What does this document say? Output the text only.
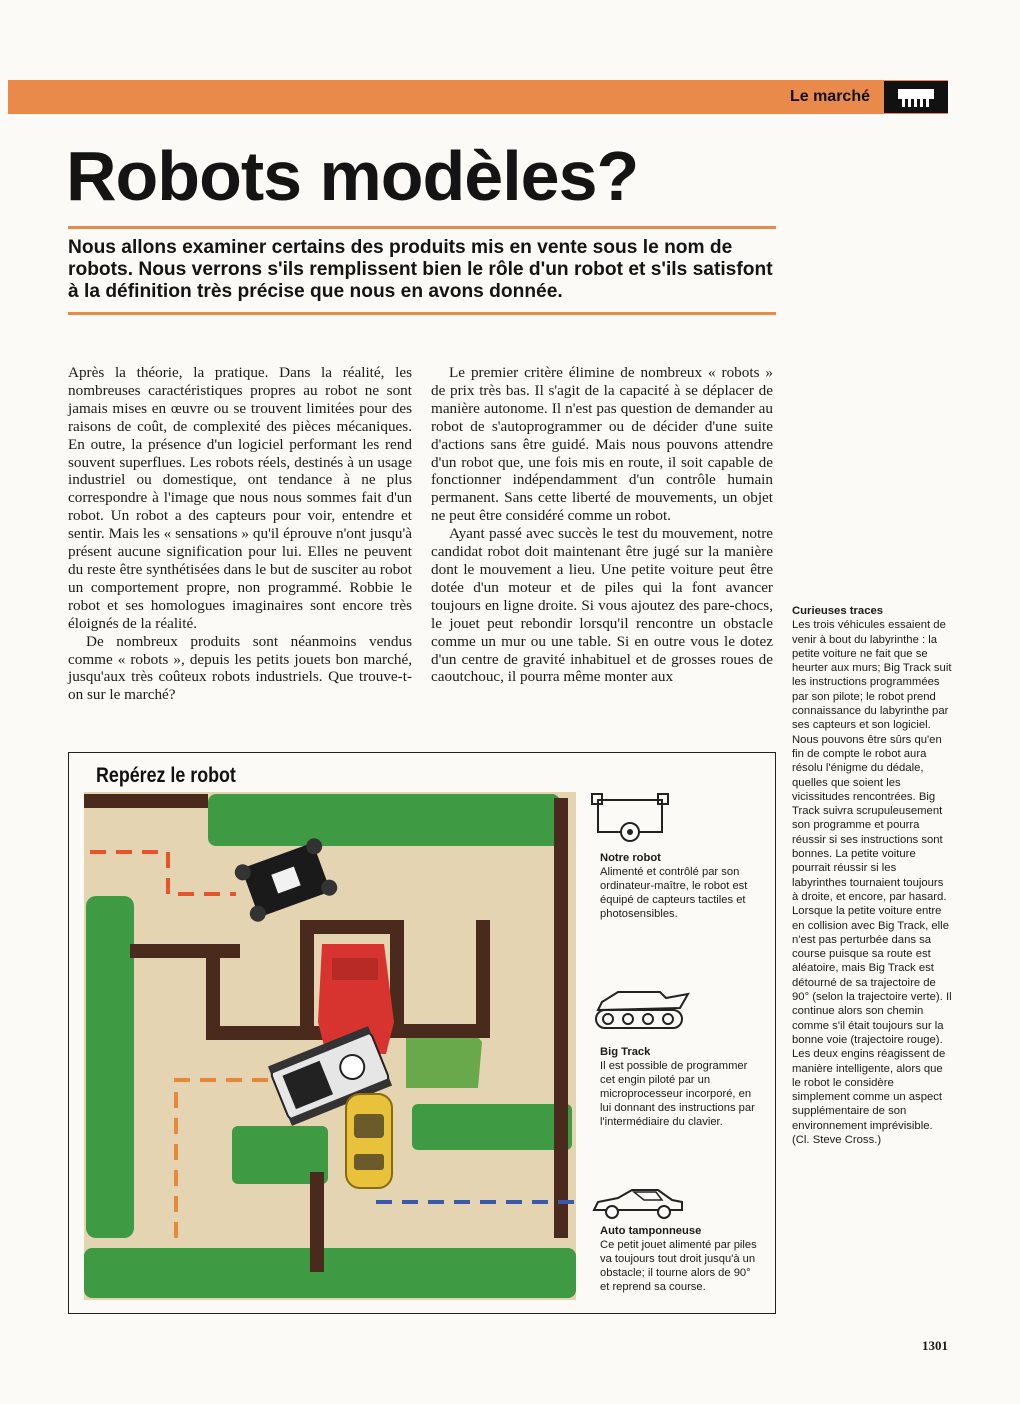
Le marché
Robots modèles?

Nous allons examiner certains des produits mis en vente sous le nom de robots. Nous verrons s'ils remplissent bien le rôle d'un robot et s'ils satisfont à la définition très précise que nous en avons donnée.

Après la théorie, la pratique. Dans la réalité, les nombreuses caractéristiques propres au robot ne sont jamais mises en œuvre ou se trouvent limitées pour des raisons de coût, de complexité des pièces mécaniques. En outre, la présence d'un logiciel performant les rend souvent superflues. Les robots réels, destinés à un usage industriel ou domestique, ont tendance à ne plus correspondre à l'image que nous nous sommes fait d'un robot. Un robot a des capteurs pour voir, entendre et sentir. Mais les « sensations » qu'il éprouve n'ont jusqu'à présent aucune signification pour lui. Elles ne peuvent du reste être synthétisées dans le but de susciter au robot un comportement propre, non programmé. Robbie le robot et ses homologues imaginaires sont encore très éloignés de la réalité.

De nombreux produits sont néanmoins vendus comme « robots », depuis les petits jouets bon marché, jusqu'aux très coûteux robots industriels. Que trouve-t-on sur le marché?

Le premier critère élimine de nombreux « robots » de prix très bas. Il s'agit de la capacité à se déplacer de manière autonome. Il n'est pas question de demander au robot de s'autoprogrammer ou de décider d'une suite d'actions sans être guidé. Mais nous pouvons attendre d'un robot que, une fois mis en route, il soit capable de fonctionner indépendamment d'un contrôle humain permanent. Sans cette liberté de mouvements, un objet ne peut être considéré comme un robot.

Ayant passé avec succès le test du mouvement, notre candidat robot doit maintenant être jugé sur la manière dont le mouvement a lieu. Une petite voiture peut être dotée d'un moteur et de piles qui la font avancer toujours en ligne droite. Si vous ajoutez des pare-chocs, le jouet peut rebondir lorsqu'il rencontre un obstacle comme un mur ou une table. Si en outre vous le dotez d'un centre de gravité inhabituel et de grosses roues de caoutchouc, il pourra même monter aux

Curieuses traces
Les trois véhicules essaient de venir à bout du labyrinthe : la petite voiture ne fait que se heurter aux murs; Big Track suit les instructions programmées par son pilote; le robot prend connaissance du labyrinthe par ses capteurs et son logiciel. Nous pouvons être sûrs qu'en fin de compte le robot aura résolu l'énigme du dédale, quelles que soient les vicissitudes rencontrées. Big Track suivra scrupuleusement son programme et pourra réussir si ses instructions sont bonnes. La petite voiture pourrait réussir si les labyrinthes tournaient toujours à droite, et encore, par hasard. Lorsque la petite voiture entre en collision avec Big Track, elle n'est pas perturbée dans sa course puisque sa route est aléatoire, mais Big Track est détourné de sa trajectoire de 90° (selon la trajectoire verte). Il continue alors son chemin comme s'il était toujours sur la bonne voie (trajectoire rouge). Les deux engins réagissent de manière intelligente, alors que le robot le considère simplement comme un aspect supplémentaire de son environnement imprévisible. (Cl. Steve Cross.)
Repérez le robot
Notre robot
Alimenté et contrôlé par son ordinateur-maître, le robot est équipé de capteurs tactiles et photosensibles.
Big Track
Il est possible de programmer cet engin piloté par un microprocesseur incorporé, en lui donnant des instructions par l'intermédiaire du clavier.
Auto tamponneuse
Ce petit jouet alimenté par piles va toujours tout droit jusqu'à un obstacle; il tourne alors de 90° et reprend sa course.
1301
